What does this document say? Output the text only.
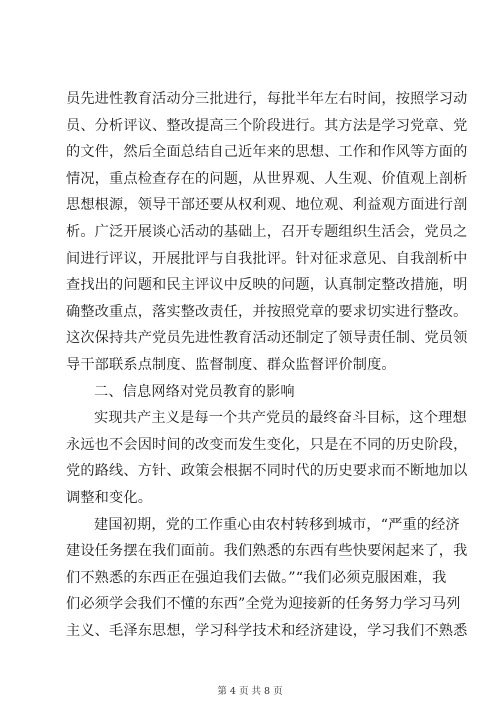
员先进性教育活动分三批进行，每批半年左右时间，按照学习动
员、分析评议、整改提高三个阶段进行。其方法是学习党章、党
的文件，然后全面总结自己近年来的思想、工作和作风等方面的
情况，重点检查存在的问题，从世界观、人生观、价值观上剖析
思想根源，领导干部还要从权利观、地位观、利益观方面进行剖
析。广泛开展谈心活动的基础上，召开专题组织生活会，党员之
间进行评议，开展批评与自我批评。针对征求意见、自我剖析中
查找出的问题和民主评议中反映的问题，认真制定整改措施，明
确整改重点，落实整改责任，并按照党章的要求切实进行整改。
这次保持共产党员先进性教育活动还制定了领导责任制、党员领
导干部联系点制度、监督制度、群众监督评价制度。
二、信息网络对党员教育的影响
实现共产主义是每一个共产党员的最终奋斗目标，这个理想
永远也不会因时间的改变而发生变化，只是在不同的历史阶段，
党的路线、方针、政策会根据不同时代的历史要求而不断地加以
调整和变化。
建国初期，党的工作重心由农村转移到城市，“严重的经济
建设任务摆在我们面前。我们熟悉的东西有些快要闲起来了，我
们不熟悉的东西正在强迫我们去做。”“我们必须克服困难，我
们必须学会我们不懂的东西”全党为迎接新的任务努力学习马列
主义、毛泽东思想，学习科学技术和经济建设，学习我们不熟悉
第 4 页 共 8 页
